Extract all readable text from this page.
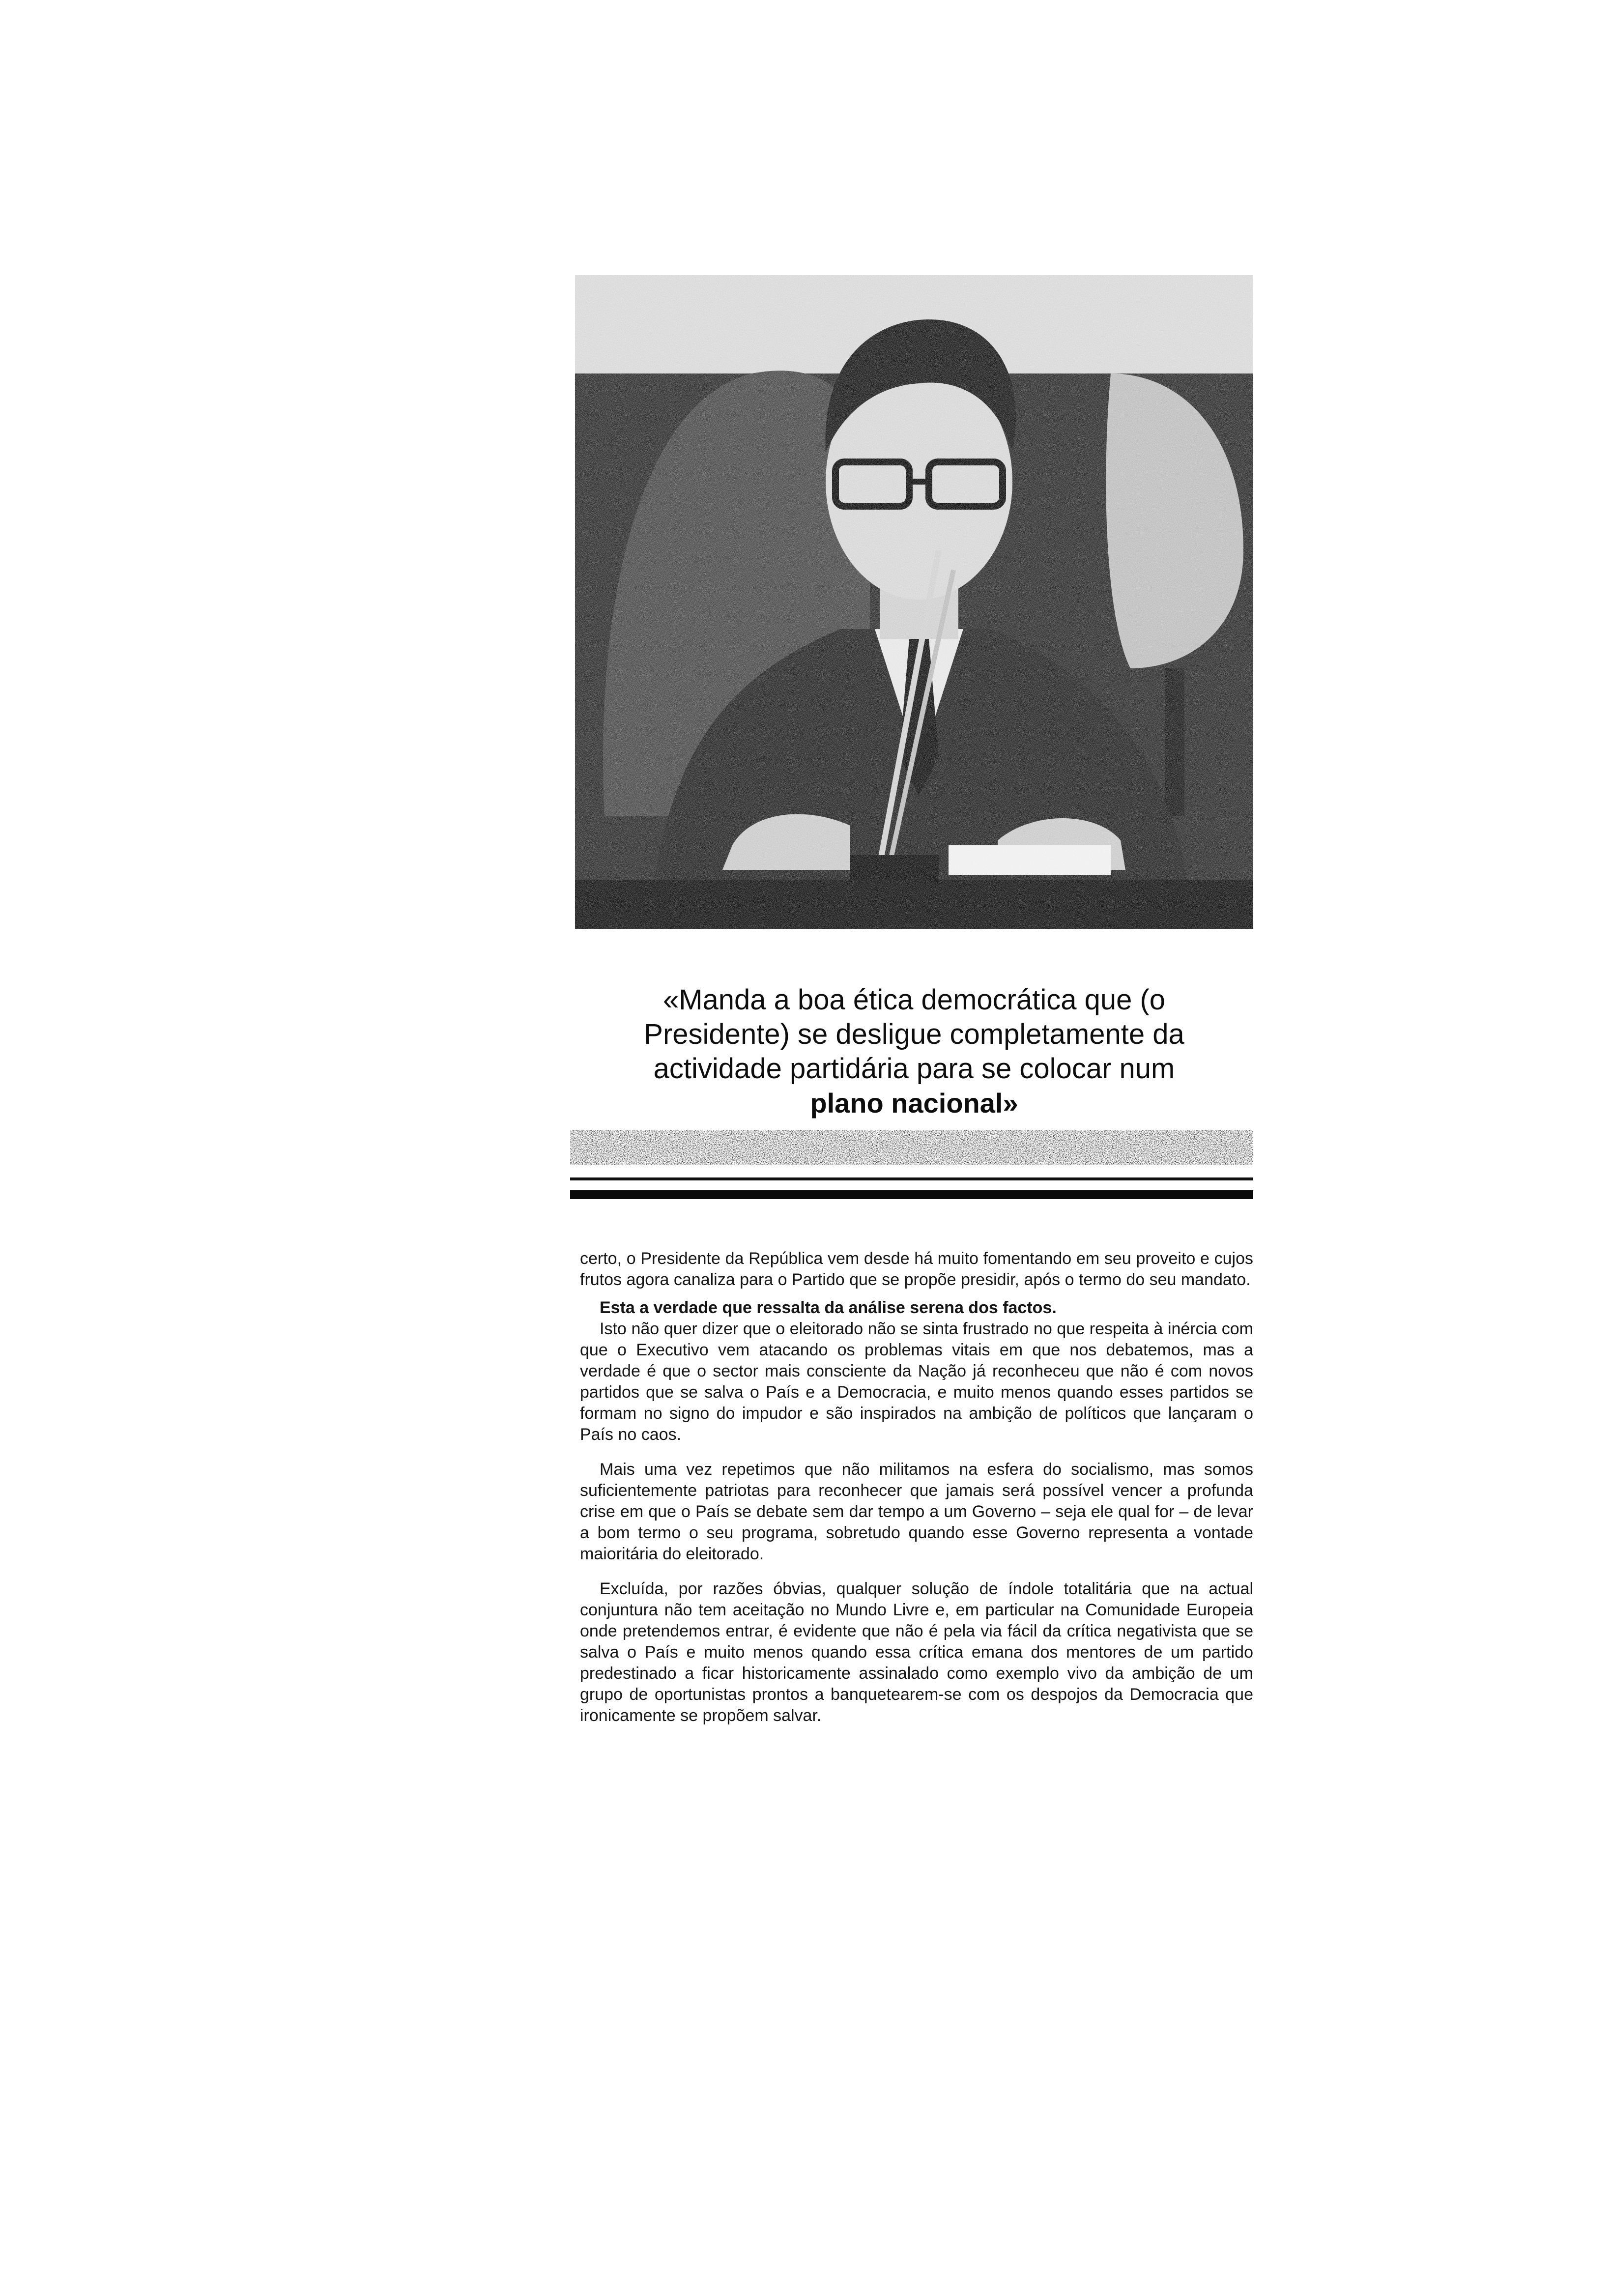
«Manda a boa ética democrática que (o
Presidente) se desligue completamente da
actividade partidária para se colocar num
plano nacional»

certo, o Presidente da República vem desde há muito fomentando em seu proveito e cujos frutos agora canaliza para o Partido que se propõe presidir, após o termo do seu mandato.

Esta a verdade que ressalta da análise serena dos factos.

Isto não quer dizer que o eleitorado não se sinta frustrado no que respeita à inércia com que o Executivo vem atacando os problemas vitais em que nos debatemos, mas a verdade é que o sector mais consciente da Nação já reconheceu que não é com novos partidos que se salva o País e a Democracia, e muito menos quando esses partidos se formam no signo do impudor e são inspirados na ambição de políticos que lançaram o País no caos.

Mais uma vez repetimos que não militamos na esfera do socialismo, mas somos suficientemente patriotas para reconhecer que jamais será possível vencer a profunda crise em que o País se debate sem dar tempo a um Governo – seja ele qual for – de levar a bom termo o seu programa, sobretudo quando esse Governo representa a vontade maioritária do eleitorado.

Excluída, por razões óbvias, qualquer solução de índole totalitária que na actual conjuntura não tem aceitação no Mundo Livre e, em particular na Comunidade Europeia onde pretendemos entrar, é evidente que não é pela via fácil da crítica negativista que se salva o País e muito menos quando essa crítica emana dos mentores de um partido predestinado a ficar historicamente assinalado como exemplo vivo da ambição de um grupo de oportunistas prontos a banquetearem-se com os despojos da Democracia que ironicamente se propõem salvar.
